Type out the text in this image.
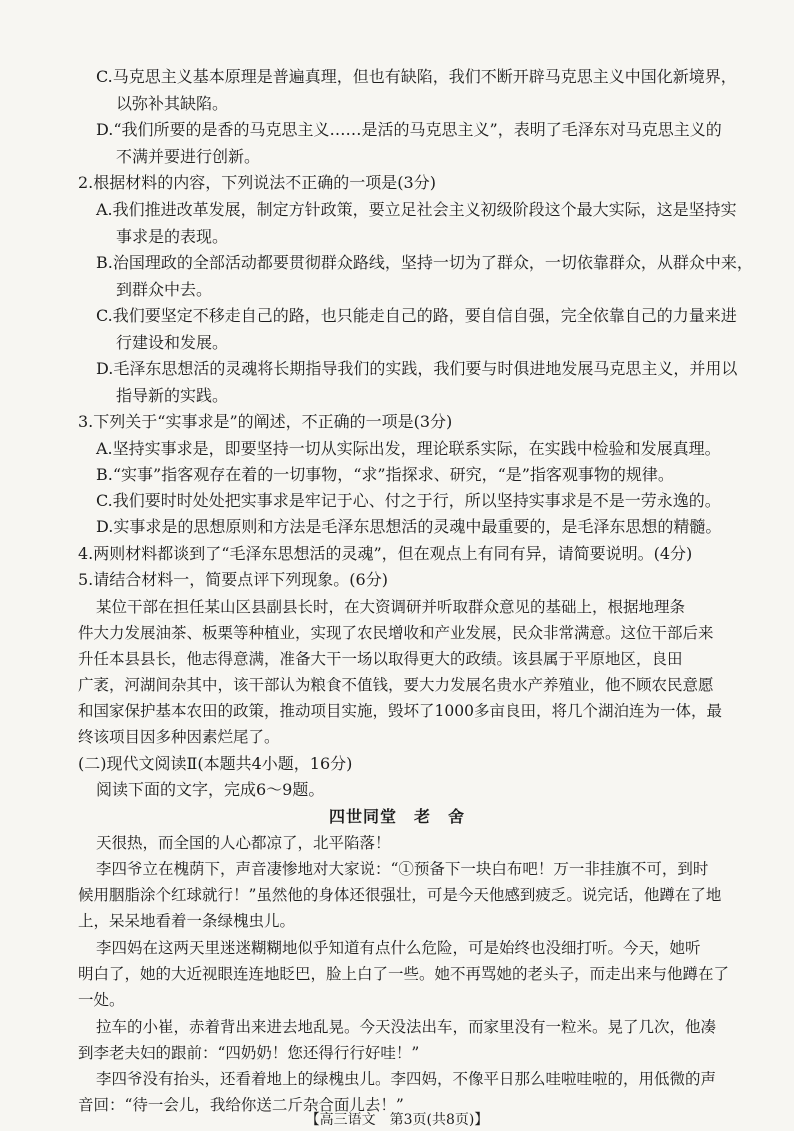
C.马克思主义基本原理是普遍真理，但也有缺陷，我们不断开辟马克思主义中国化新境界，
以弥补其缺陷。
D.“我们所要的是香的马克思主义……是活的马克思主义”，表明了毛泽东对马克思主义的
不满并要进行创新。
2.根据材料的内容，下列说法不正确的一项是(3分)
A.我们推进改革发展，制定方针政策，要立足社会主义初级阶段这个最大实际，这是坚持实
事求是的表现。
B.治国理政的全部活动都要贯彻群众路线，坚持一切为了群众，一切依靠群众，从群众中来，
到群众中去。
C.我们要坚定不移走自己的路，也只能走自己的路，要自信自强，完全依靠自己的力量来进
行建设和发展。
D.毛泽东思想活的灵魂将长期指导我们的实践，我们要与时俱进地发展马克思主义，并用以
指导新的实践。
3.下列关于“实事求是”的阐述，不正确的一项是(3分)
A.坚持实事求是，即要坚持一切从实际出发，理论联系实际，在实践中检验和发展真理。
B.“实事”指客观存在着的一切事物，“求”指探求、研究，“是”指客观事物的规律。
C.我们要时时处处把实事求是牢记于心、付之于行，所以坚持实事求是不是一劳永逸的。
D.实事求是的思想原则和方法是毛泽东思想活的灵魂中最重要的，是毛泽东思想的精髓。
4.两则材料都谈到了“毛泽东思想活的灵魂”，但在观点上有同有异，请简要说明。(4分)
5.请结合材料一，简要点评下列现象。(6分)
某位干部在担任某山区县副县长时，在大资调研并听取群众意见的基础上，根据地理条
件大力发展油茶、板栗等种植业，实现了农民增收和产业发展，民众非常满意。这位干部后来
升任本县县长，他志得意满，准备大干一场以取得更大的政绩。该县属于平原地区，良田
广袤，河湖间杂其中，该干部认为粮食不值钱，要大力发展名贵水产养殖业，他不顾农民意愿
和国家保护基本农田的政策，推动项目实施，毁坏了1000多亩良田，将几个湖泊连为一体，最
终该项目因多种因素烂尾了。
(二)现代文阅读Ⅱ(本题共4小题，16分)
阅读下面的文字，完成6～9题。
四世同堂　老　舍
天很热，而全国的人心都凉了，北平陷落！
李四爷立在槐荫下，声音凄惨地对大家说：“①预备下一块白布吧！万一非挂旗不可，到时
候用胭脂涂个红球就行！”虽然他的身体还很强壮，可是今天他感到疲乏。说完话，他蹲在了地
上，呆呆地看着一条绿槐虫儿。
李四妈在这两天里迷迷糊糊地似乎知道有点什么危险，可是始终也没细打听。今天，她听
明白了，她的大近视眼连连地眨巴，脸上白了一些。她不再骂她的老头子，而走出来与他蹲在了
一处。
拉车的小崔，赤着背出来进去地乱晃。今天没法出车，而家里没有一粒米。晃了几次，他凑
到李老夫妇的跟前：“四奶奶！您还得行行好哇！”
李四爷没有抬头，还看着地上的绿槐虫儿。李四妈，不像平日那么哇啦哇啦的，用低微的声
音回：“待一会儿，我给你送二斤杂合面儿去！”
【高三语文　第3页(共8页)】
